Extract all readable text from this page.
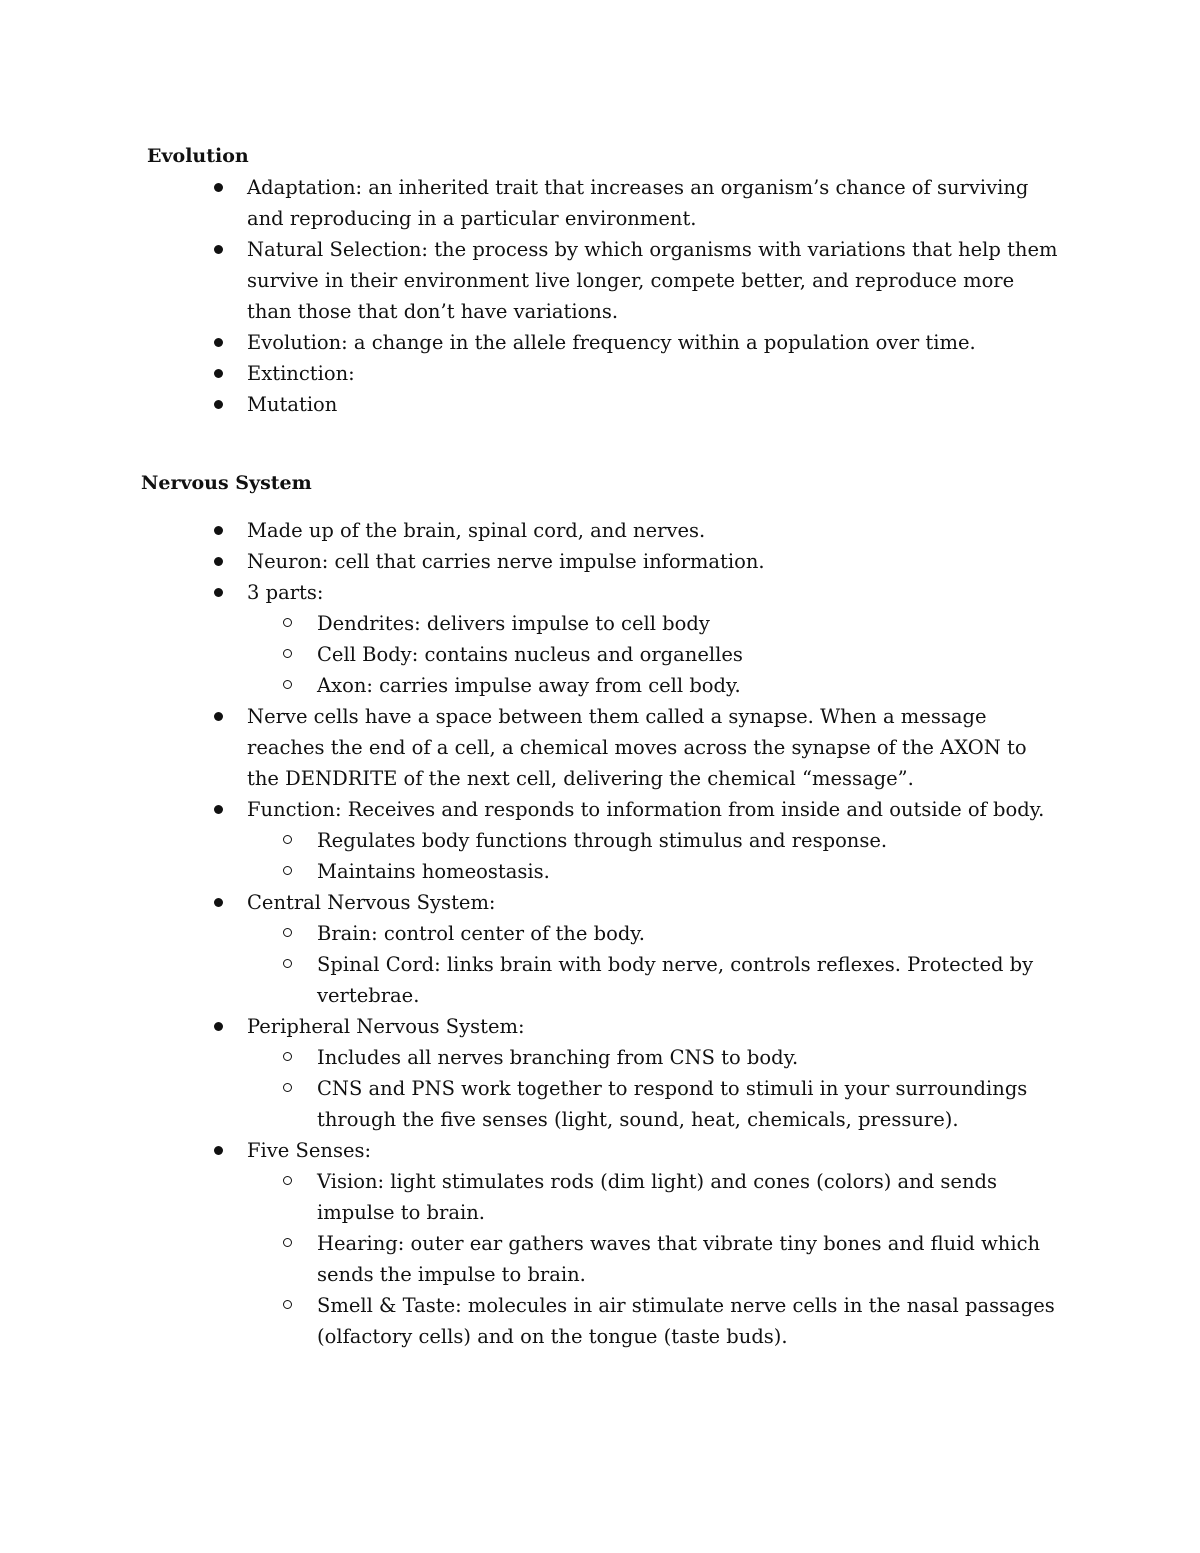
Evolution
Adaptation: an inherited trait that increases an organism’s chance of surviving and reproducing in a particular environment.
Natural Selection: the process by which organisms with variations that help them survive in their environment live longer, compete better, and reproduce more than those that don’t have variations.
Evolution: a change in the allele frequency within a population over time.
Extinction:
Mutation
Nervous System
Made up of the brain, spinal cord, and nerves.
Neuron: cell that carries nerve impulse information.
3 parts:
Dendrites: delivers impulse to cell body
Cell Body: contains nucleus and organelles
Axon: carries impulse away from cell body.
Nerve cells have a space between them called a synapse. When a message reaches the end of a cell, a chemical moves across the synapse of the AXON to the DENDRITE of the next cell, delivering the chemical “message”.
Function: Receives and responds to information from inside and outside of body.
Regulates body functions through stimulus and response.
Maintains homeostasis.
Central Nervous System:
Brain: control center of the body.
Spinal Cord: links brain with body nerve, controls reflexes. Protected by vertebrae.
Peripheral Nervous System:
Includes all nerves branching from CNS to body.
CNS and PNS work together to respond to stimuli in your surroundings through the five senses (light, sound, heat, chemicals, pressure).
Five Senses:
Vision: light stimulates rods (dim light) and cones (colors) and sends impulse to brain.
Hearing: outer ear gathers waves that vibrate tiny bones and fluid which sends the impulse to brain.
Smell & Taste: molecules in air stimulate nerve cells in the nasal passages (olfactory cells) and on the tongue (taste buds).
